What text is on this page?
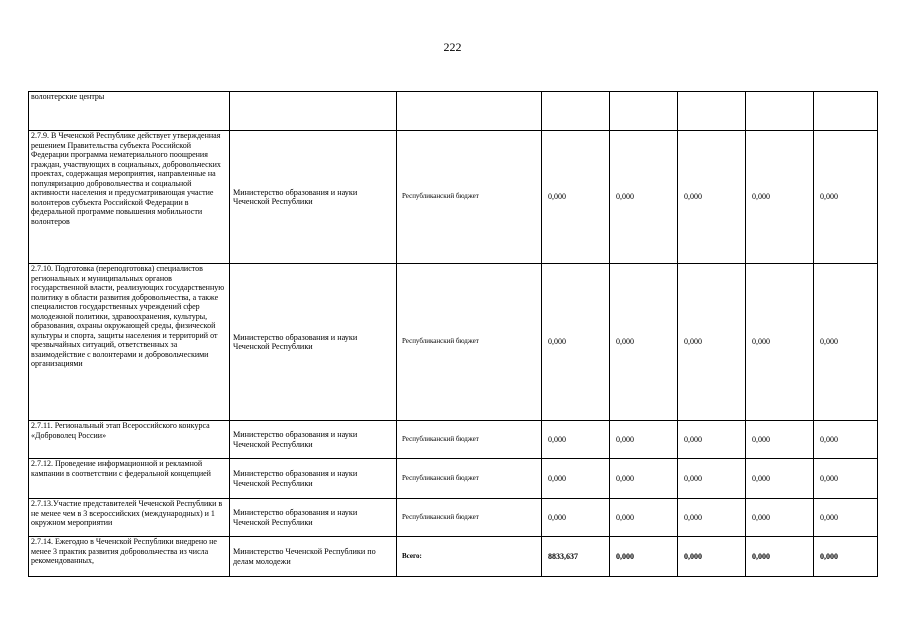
222
волонтерские центры							
2.7.9. В Чеченской Республике действует утвержденная решением Правительства субъекта Российской Федерации программа нематериального поощрения граждан, участвующих в социальных, добровольческих проектах, содержащая мероприятия, направленные на популяризацию добровольчества и социальной активности населения и предусматривающая участие волонтеров субъекта Российской Федерации в федеральной программе повышения мобильности волонтеров	Министерство образования и науки Чеченской Республики	Республиканский бюджет	0,000	0,000	0,000	0,000	0,000
2.7.10. Подготовка (переподготовка) специалистов региональных и муниципальных органов государственной власти, реализующих государственную политику в области развития добровольчества, а также специалистов государственных учреждений сфер молодежной политики, здравоохранения, культуры, образования, охраны окружающей среды, физической культуры и спорта, защиты населения и территорий от чрезвычайных ситуаций, ответственных за взаимодействие с волонтерами и добровольческими организациями	Министерство образования и науки Чеченской Республики	Республиканский бюджет	0,000	0,000	0,000	0,000	0,000
2.7.11. Региональный этап Всероссийского конкурса «Доброволец России»	Министерство образования и науки Чеченской Республики	Республиканский бюджет	0,000	0,000	0,000	0,000	0,000
2.7.12. Проведение информационной и рекламной кампании в соответствии с федеральной концепцией	Министерство образования и науки Чеченской Республики	Республиканский бюджет	0,000	0,000	0,000	0,000	0,000
2.7.13.Участие представителей Чеченской Республики в не менее чем в 3 всероссийских (международных) и 1 окружном мероприятии	Министерство образования и науки Чеченской Республики	Республиканский бюджет	0,000	0,000	0,000	0,000	0,000
2.7.14. Ежегодно в Чеченской Республики внедрено не менее 3 практик развития добровольчества из числа рекомендованных,	Министерство Чеченской Республики по делам молодежи	Всего:	8833,637	0,000	0,000	0,000	0,000
